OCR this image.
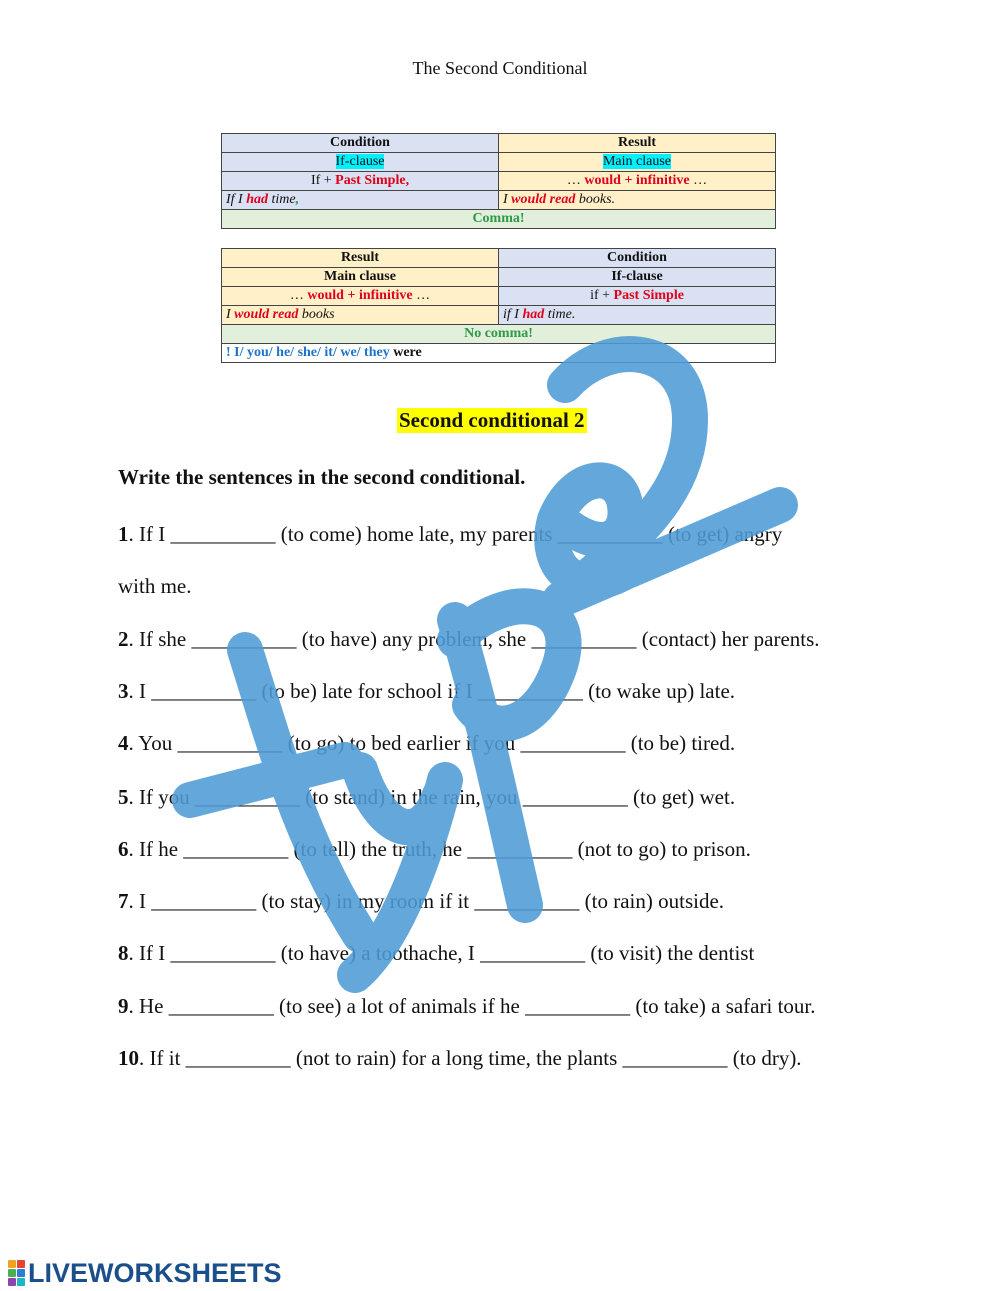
The Second Conditional
Condition	Result
If-clause	Main clause
If + Past Simple,	… would + infinitive …
If I had time,	I would read books.
Comma!	
Result	Condition
Main clause	If-clause
… would + infinitive …	if + Past Simple
I would read books	if I had time.
No comma!	
! I/ you/ he/ she/ it/ we/ they were	
Second conditional 2
Write the sentences in the second conditional.
1. If I __________ (to come) home late, my parents __________ (to get) angry
with me.
2. If she __________ (to have) any problem, she __________ (contact) her parents.
3. I __________ (to be) late for school if I __________ (to wake up) late.
4. You __________ (to go) to bed earlier if you __________ (to be) tired.
5. If you __________ (to stand) in the rain, you __________ (to get) wet.
6. If he __________ (to tell) the truth, he __________ (not to go) to prison.
7. I __________ (to stay) in my room if it __________ (to rain) outside.
8. If I __________ (to have) a toothache, I __________ (to visit) the dentist
9. He __________ (to see) a lot of animals if he __________ (to take) a safari tour.
10. If it __________ (not to rain) for a long time, the plants __________ (to dry).
LIVEWORKSHEETS
